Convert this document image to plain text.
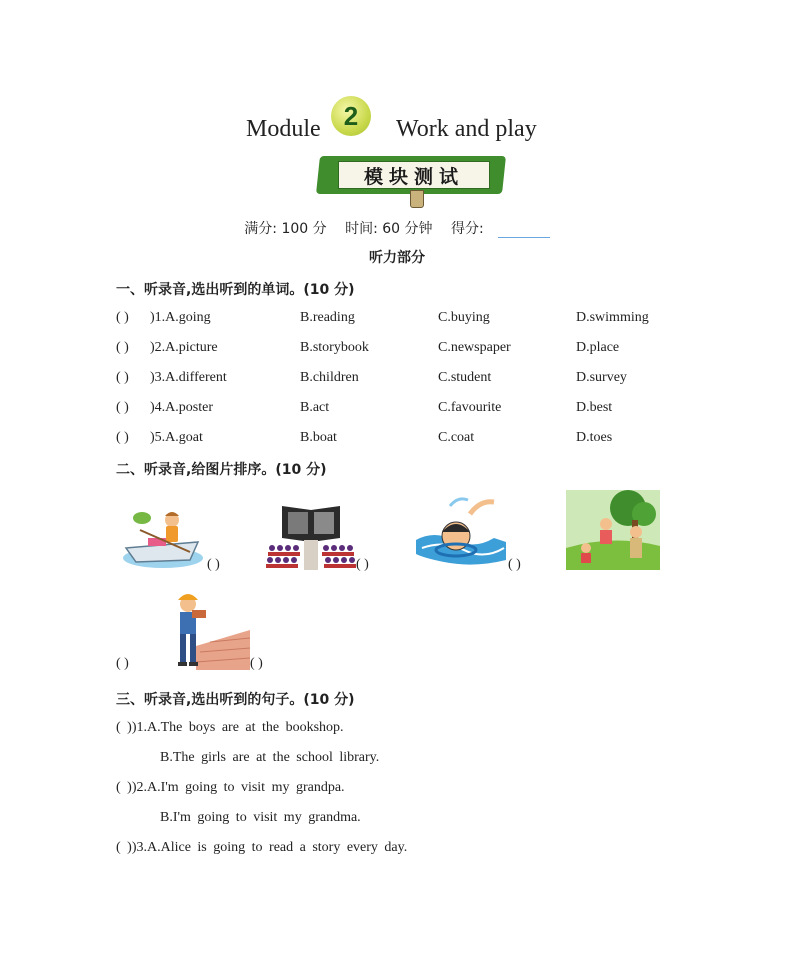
Module 2	Work and play
模块测试
满分: 100 分 时间: 60 分钟 得分:
听力部分
一、听录音,选出听到的单词。(10 分)
( ) )1.A.going	B.reading	C.buying	D.swimming
( ) )2.A.picture	B.storybook	C.newspaper	D.place
( ) )3.A.different	B.children	C.student	D.survey
( ) )4.A.poster	B.act	C.favourite	D.best
( ) )5.A.goat	B.boat	C.coat	D.toes
二、听录音,给图片排序。(10 分)
( )	( )	( )
( )	( )
三、听录音,选出听到的句子。(10 分)
( ))1.A.The boys are at the bookshop.
B.The girls are at the school library.
( ))2.A.I'm going to visit my grandpa.
B.I'm going to visit my grandma.
( ))3.A.Alice is going to read a story every day.
